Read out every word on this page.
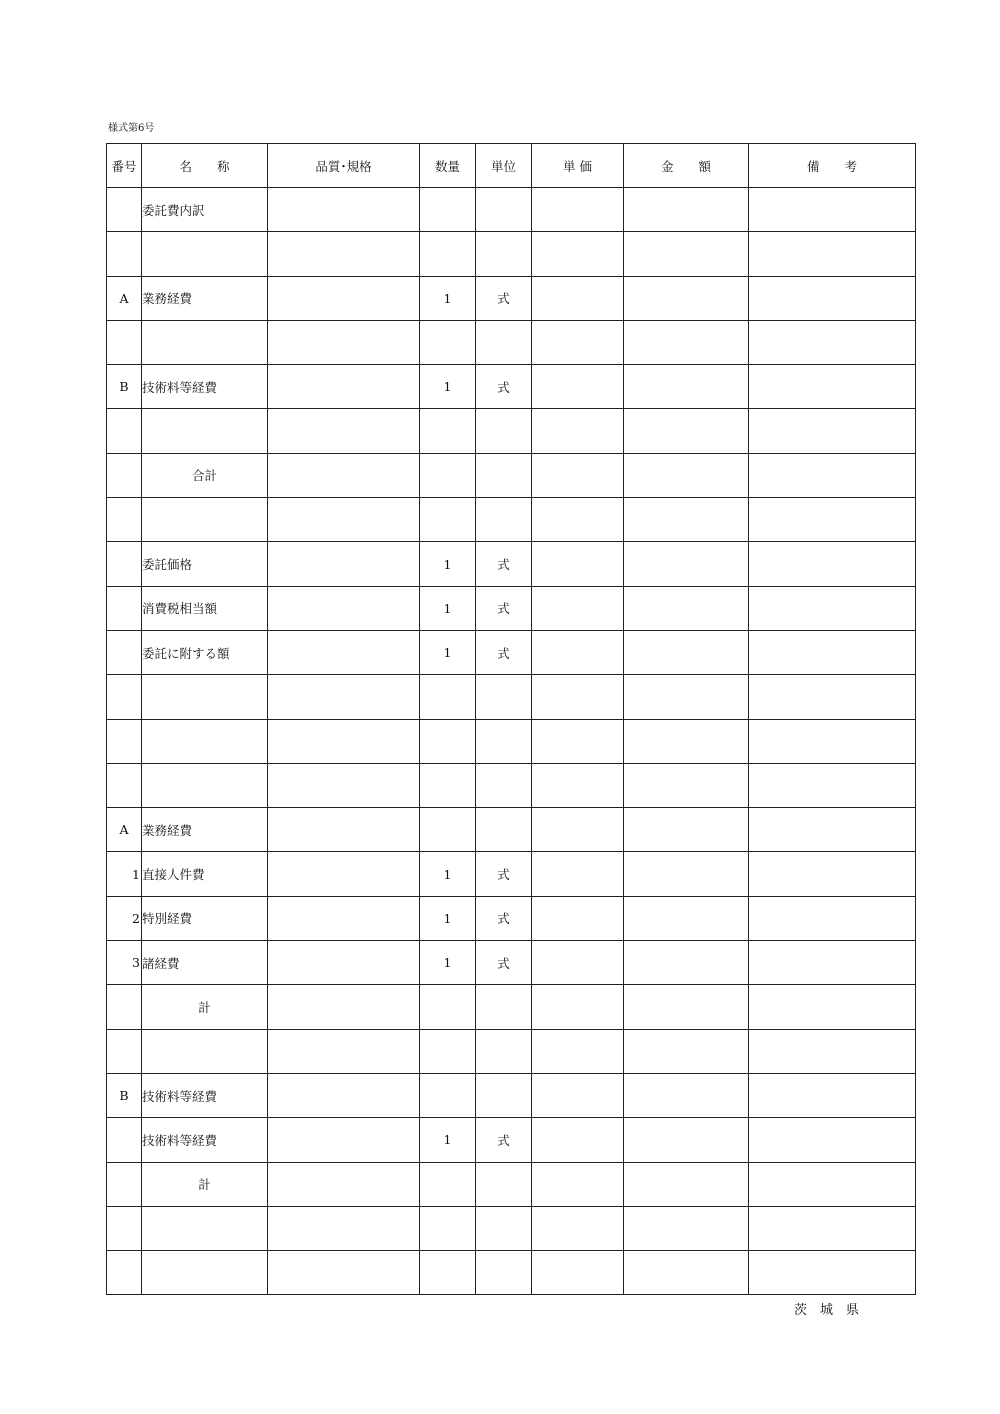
様式第6号
番号	名　　称	品質･規格	数量	単位	単 価	金　　額	備　　考
	委託費内訳						

A	業務経費		1	式			

B	技術料等経費		1	式			

	合計						

	委託価格		1	式			
	消費税相当額		1	式			
	委託に附する額		1	式			

A	業務経費						
1	直接人件費		1	式			
2	特別経費		1	式			
3	諸経費		1	式			
	計						

B	技術料等経費						
	技術料等経費		1	式			
	計						

茨　城　県
